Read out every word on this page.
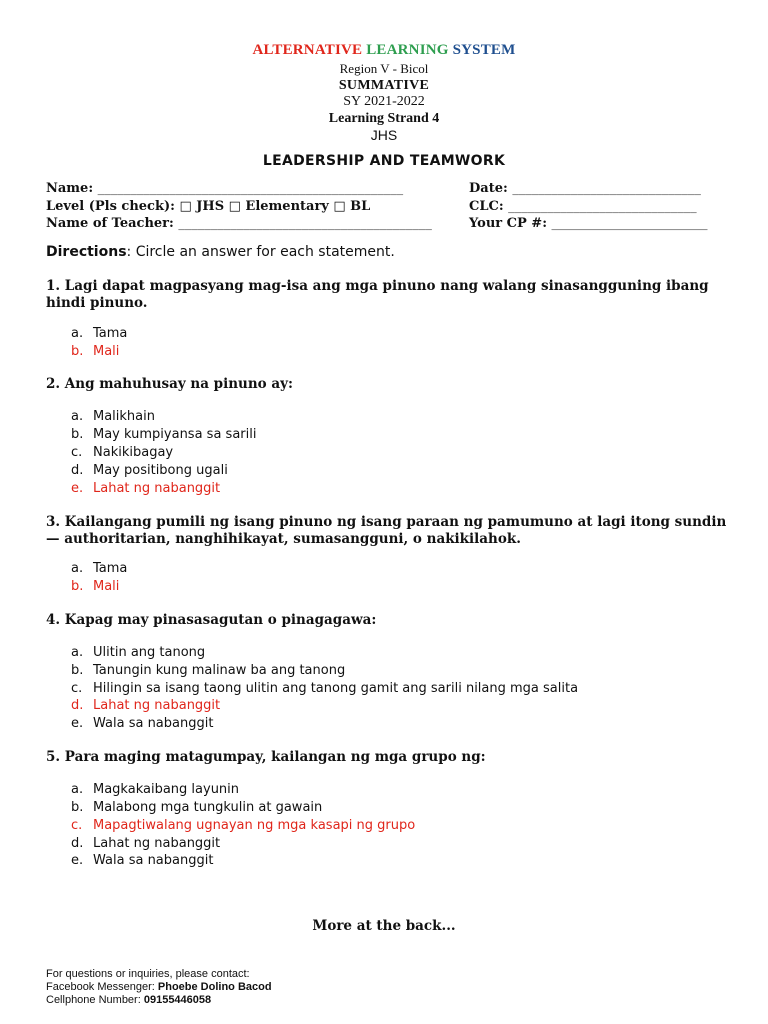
ALTERNATIVE LEARNING SYSTEM
Region V - Bicol
SUMMATIVE
SY 2021-2022
Learning Strand 4
JHS
LEADERSHIP AND TEAMWORK
Name: _______________________________________________	Date: _____________________________
Level (Pls check): □ JHS □ Elementary □ BL	CLC: _____________________________
Name of Teacher: _______________________________________	Your CP #: ________________________
Directions: Circle an answer for each statement.
1. Lagi dapat magpasyang mag-isa ang mga pinuno nang walang sinasangguning ibang
hindi pinuno.
a. Tama
b. Mali
2. Ang mahuhusay na pinuno ay:
a. Malikhain
b. May kumpiyansa sa sarili
c. Nakikibagay
d. May positibong ugali
e. Lahat ng nabanggit
3. Kailangang pumili ng isang pinuno ng isang paraan ng pamumuno at lagi itong sundin
— authoritarian, nanghihikayat, sumasangguni, o nakikilahok.
a. Tama
b. Mali
4. Kapag may pinasasagutan o pinagagawa:
a. Ulitin ang tanong
b. Tanungin kung malinaw ba ang tanong
c. Hilingin sa isang taong ulitin ang tanong gamit ang sarili nilang mga salita
d. Lahat ng nabanggit
e. Wala sa nabanggit
5. Para maging matagumpay, kailangan ng mga grupo ng:
a. Magkakaibang layunin
b. Malabong mga tungkulin at gawain
c. Mapagtiwalang ugnayan ng mga kasapi ng grupo
d. Lahat ng nabanggit
e. Wala sa nabanggit
More at the back...
For questions or inquiries, please contact:
Facebook Messenger: Phoebe Dolino Bacod
Cellphone Number: 09155446058
